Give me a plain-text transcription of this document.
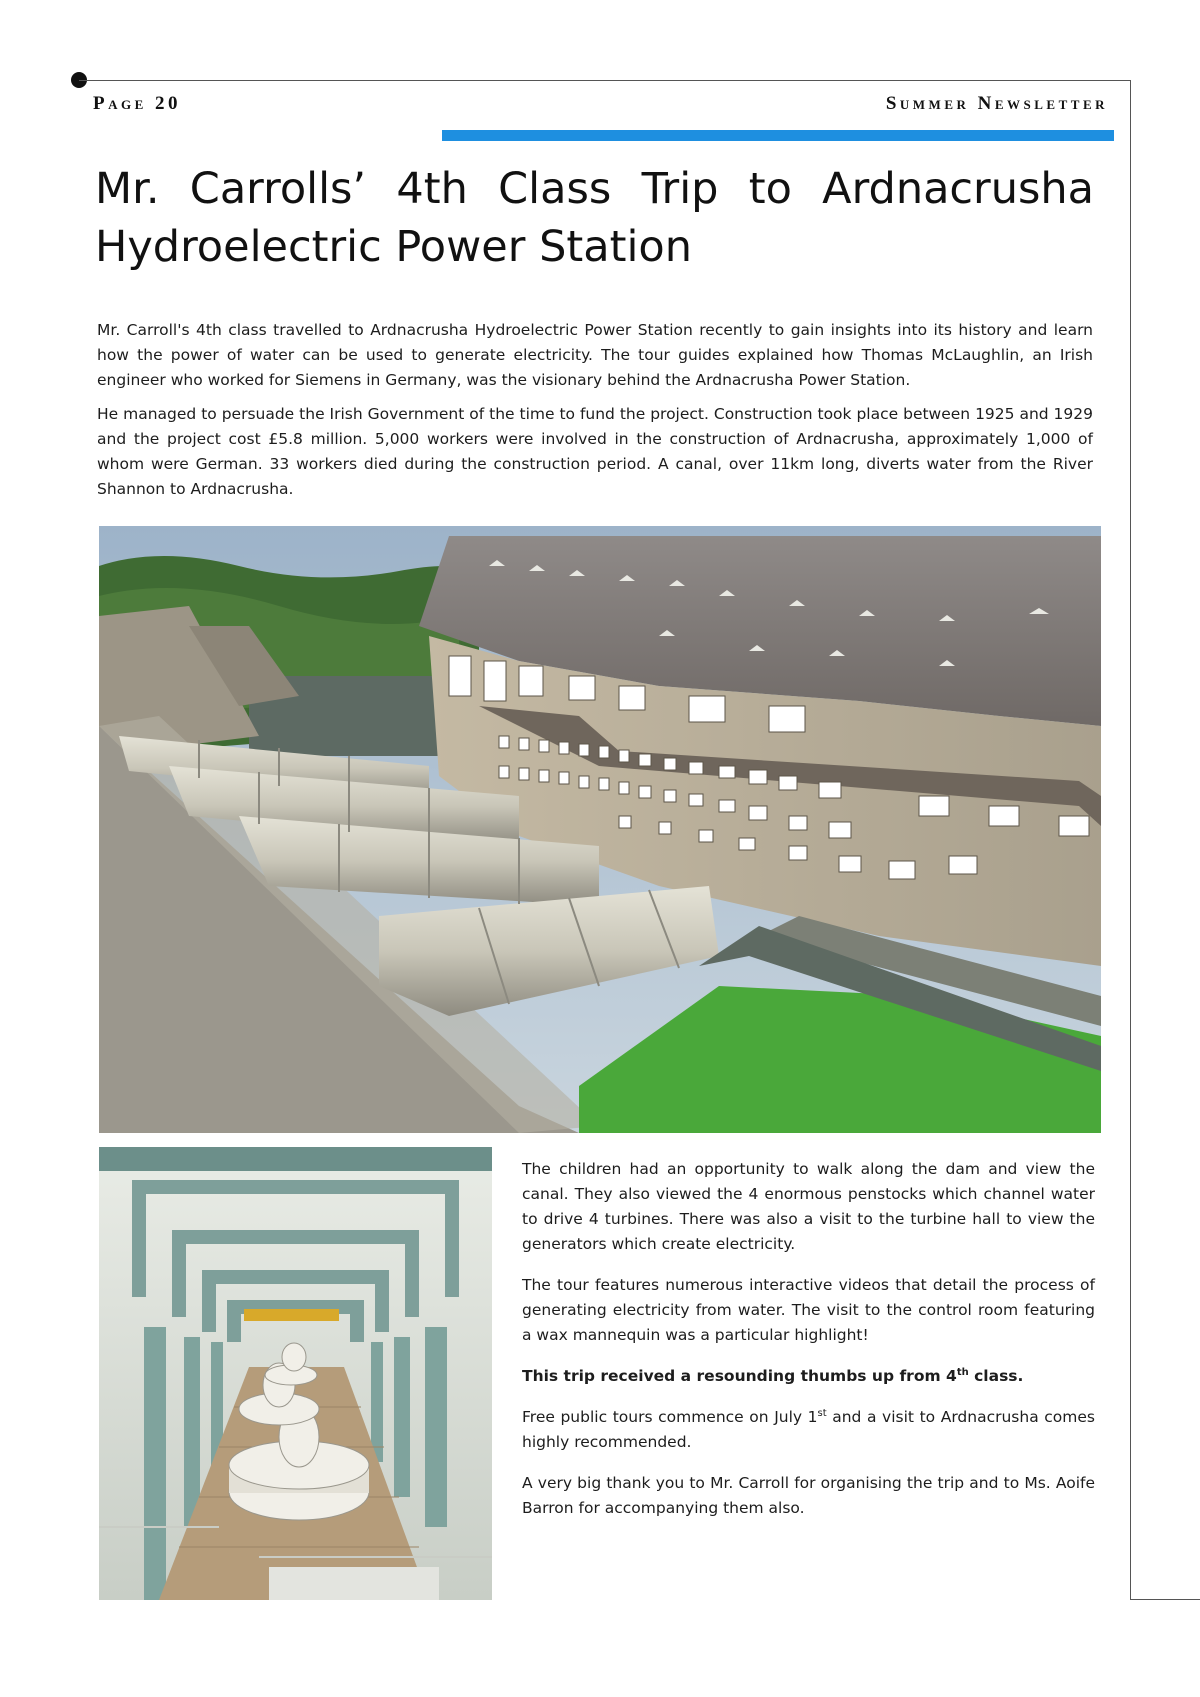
Page 20	Summer Newsletter
Mr. Carrolls’ 4th Class Trip to Ardnacrusha Hydroelectric Power Station

Mr. Carroll's 4th class travelled to Ardnacrusha Hydroelectric Power Station recently to gain insights into its history and learn how the power of water can be used to generate electricity. The tour guides explained how Thomas McLaughlin, an Irish engineer who worked for Siemens in Germany, was the visionary behind the Ardnacrusha Power Station.

He managed to persuade the Irish Government of the time to fund the project. Construction took place between 1925 and 1929 and the project cost £5.8 million. 5,000 workers were involved in the construction of Ardnacrusha, approximately 1,000 of whom were German. 33 workers died during the construction period. A canal, over 11km long, diverts water from the River Shannon to Ardnacrusha.

The children had an opportunity to walk along the dam and view the canal. They also viewed the 4 enormous penstocks which channel water to drive 4 turbines. There was also a visit to the turbine hall to view the generators which create electricity.

The tour features numerous interactive videos that detail the process of generating electricity from water. The visit to the control room featuring a wax mannequin was a particular highlight!

This trip received a resounding thumbs up from 4th class.

Free public tours commence on July 1st and a visit to Ardnacrusha comes highly recommended.

A very big thank you to Mr. Carroll for organising the trip and to Ms. Aoife Barron for accompanying them also.
